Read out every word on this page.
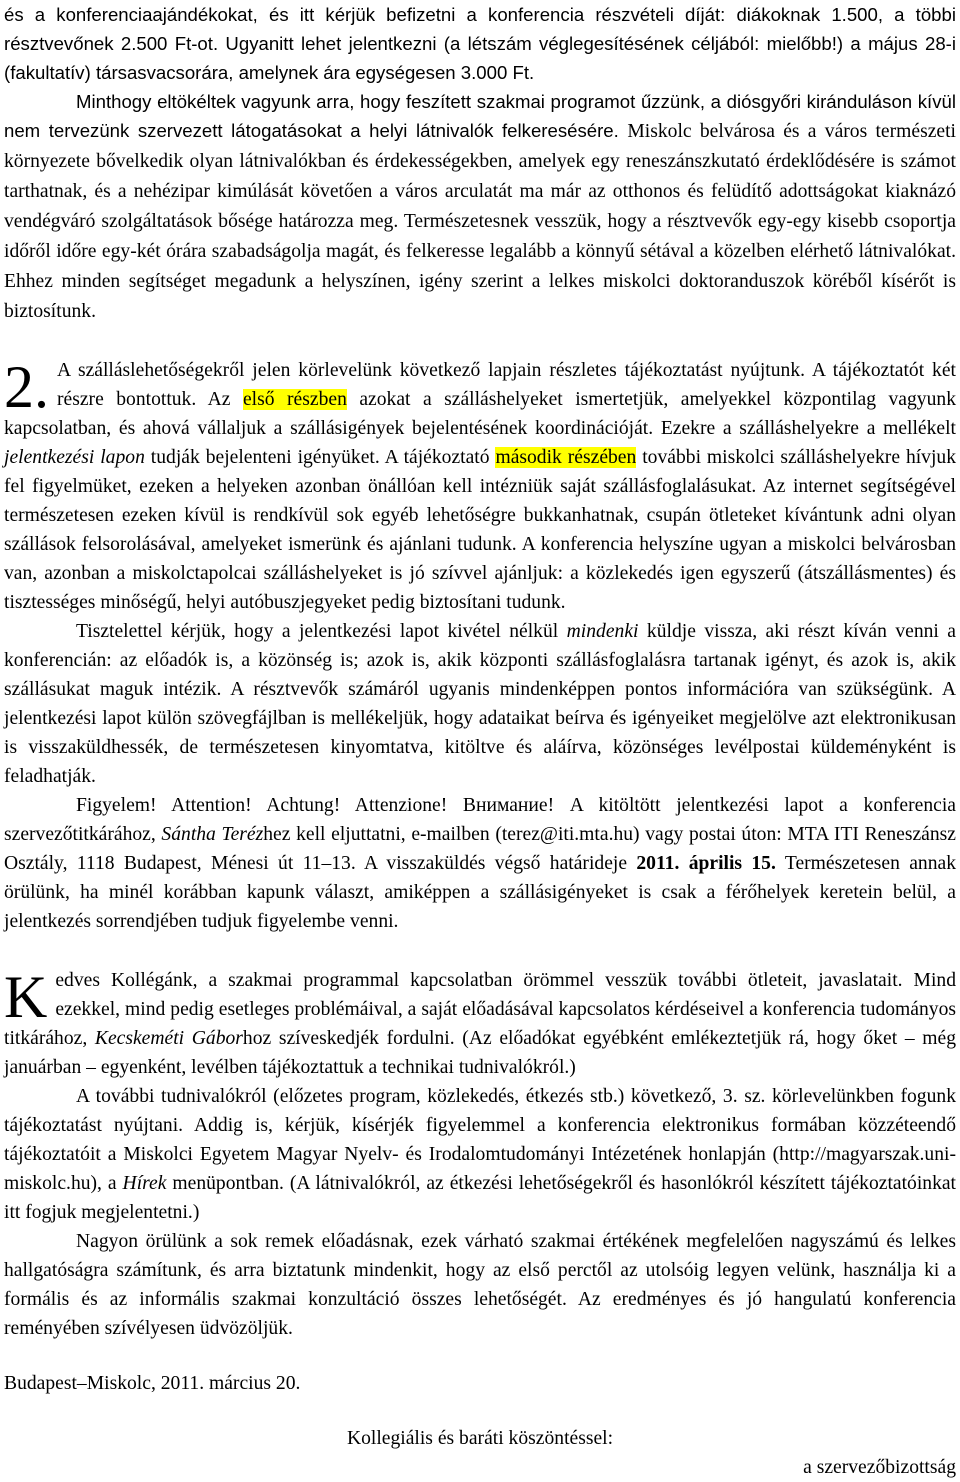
és a konferenciaajándékokat, és itt kérjük befizetni a konferencia részvételi díját: diákoknak 1.500, a többi résztvevőnek 2.500 Ft-ot. Ugyanitt lehet jelentkezni (a létszám véglegesítésének céljából: mielőbb!) a május 28-i (fakultatív) társasvacsorára, amelynek ára egységesen 3.000 Ft.

Minthogy eltökéltek vagyunk arra, hogy feszített szakmai programot űzzünk, a diósgyőri kiránduláson kívül nem tervezünk szervezett látogatásokat a helyi látnivalók felkeresésére. Miskolc belvárosa és a város természeti környezete bővelkedik olyan látnivalókban és érdekességekben, amelyek egy reneszánszkutató érdeklődésére is számot tarthatnak, és a nehézipar kimúlását követően a város arculatát ma már az otthonos és felüdítő adottságokat kiaknázó vendégváró szolgáltatások bősége határozza meg. Természetesnek vesszük, hogy a résztvevők egy-egy kisebb csoportja időről időre egy-két órára szabadságolja magát, és felkeresse legalább a könnyű sétával a közelben elérhető látnivalókat. Ehhez minden segítséget megadunk a helyszínen, igény szerint a lelkes miskolci doktoranduszok köréből kísérőt is biztosítunk.

2. A szálláslehetőségekről jelen körlevelünk következő lapjain részletes tájékoztatást nyújtunk. A tájékoztatót két részre bontottuk. Az első részben azokat a szálláshelyeket ismertetjük, amelyekkel központilag vagyunk kapcsolatban, és ahová vállaljuk a szállásigények bejelentésének koordinációját. Ezekre a szálláshelyekre a mellékelt jelentkezési lapon tudják bejelenteni igényüket. A tájékoztató második részében további miskolci szálláshelyekre hívjuk fel figyelmüket, ezeken a helyeken azonban önállóan kell intézniük saját szállásfoglalásukat. Az internet segítségével természetesen ezeken kívül is rendkívül sok egyéb lehetőségre bukkanhatnak, csupán ötleteket kívántunk adni olyan szállások felsorolásával, amelyeket ismerünk és ajánlani tudunk. A konferencia helyszíne ugyan a miskolci belvárosban van, azonban a miskolctapolcai szálláshelyeket is jó szívvel ajánljuk: a közlekedés igen egyszerű (átszállásmentes) és tisztességes minőségű, helyi autóbuszjegyeket pedig biztosítani tudunk.

Tisztelettel kérjük, hogy a jelentkezési lapot kivétel nélkül mindenki küldje vissza, aki részt kíván venni a konferencián: az előadók is, a közönség is; azok is, akik központi szállásfoglalásra tartanak igényt, és azok is, akik szállásukat maguk intézik. A résztvevők számáról ugyanis mindenképpen pontos információra van szükségünk. A jelentkezési lapot külön szövegfájlban is mellékeljük, hogy adataikat beírva és igényeiket megjelölve azt elektronikusan is visszaküldhessék, de természetesen kinyomtatva, kitöltve és aláírva, közönséges levélpostai küldeményként is feladhatják.

Figyelem! Attention! Achtung! Attenzione! Внимание! A kitöltött jelentkezési lapot a konferencia szervezőtitkárához, Sántha Terézhez kell eljuttatni, e-mailben (terez@iti.mta.hu) vagy postai úton: MTA ITI Reneszánsz Osztály, 1118 Budapest, Ménesi út 11–13. A visszaküldés végső határideje 2011. április 15. Természetesen annak örülünk, ha minél korábban kapunk választ, amiképpen a szállásigényeket is csak a férőhelyek keretein belül, a jelentkezés sorrendjében tudjuk figyelembe venni.

Kedves Kollégánk, a szakmai programmal kapcsolatban örömmel vesszük további ötleteit, javaslatait. Mind ezekkel, mind pedig esetleges problémáival, a saját előadásával kapcsolatos kérdéseivel a konferencia tudományos titkárához, Kecskeméti Gáborhoz szíveskedjék fordulni. (Az előadókat egyébként emlékeztetjük rá, hogy őket – még januárban – egyenként, levélben tájékoztattuk a technikai tudnivalókról.)

A további tudnivalókról (előzetes program, közlekedés, étkezés stb.) következő, 3. sz. körlevelünkben fogunk tájékoztatást nyújtani. Addig is, kérjük, kísérjék figyelemmel a konferencia elektronikus formában közzéteendő tájékoztatóit a Miskolci Egyetem Magyar Nyelv- és Irodalomtudományi Intézetének honlapján (http://magyarszak.uni-miskolc.hu), a Hírek menüpontban. (A látnivalókról, az étkezési lehetőségekről és hasonlókról készített tájékoztatóinkat itt fogjuk megjelentetni.)

Nagyon örülünk a sok remek előadásnak, ezek várható szakmai értékének megfelelően nagyszámú és lelkes hallgatóságra számítunk, és arra biztatunk mindenkit, hogy az első perctől az utolsóig legyen velünk, használja ki a formális és az informális szakmai konzultáció összes lehetőségét. Az eredményes és jó hangulatú konferencia reményében szívélyesen üdvözöljük.

Budapest–Miskolc, 2011. március 20.

Kollegiális és baráti köszöntéssel:

a szervezőbizottság
